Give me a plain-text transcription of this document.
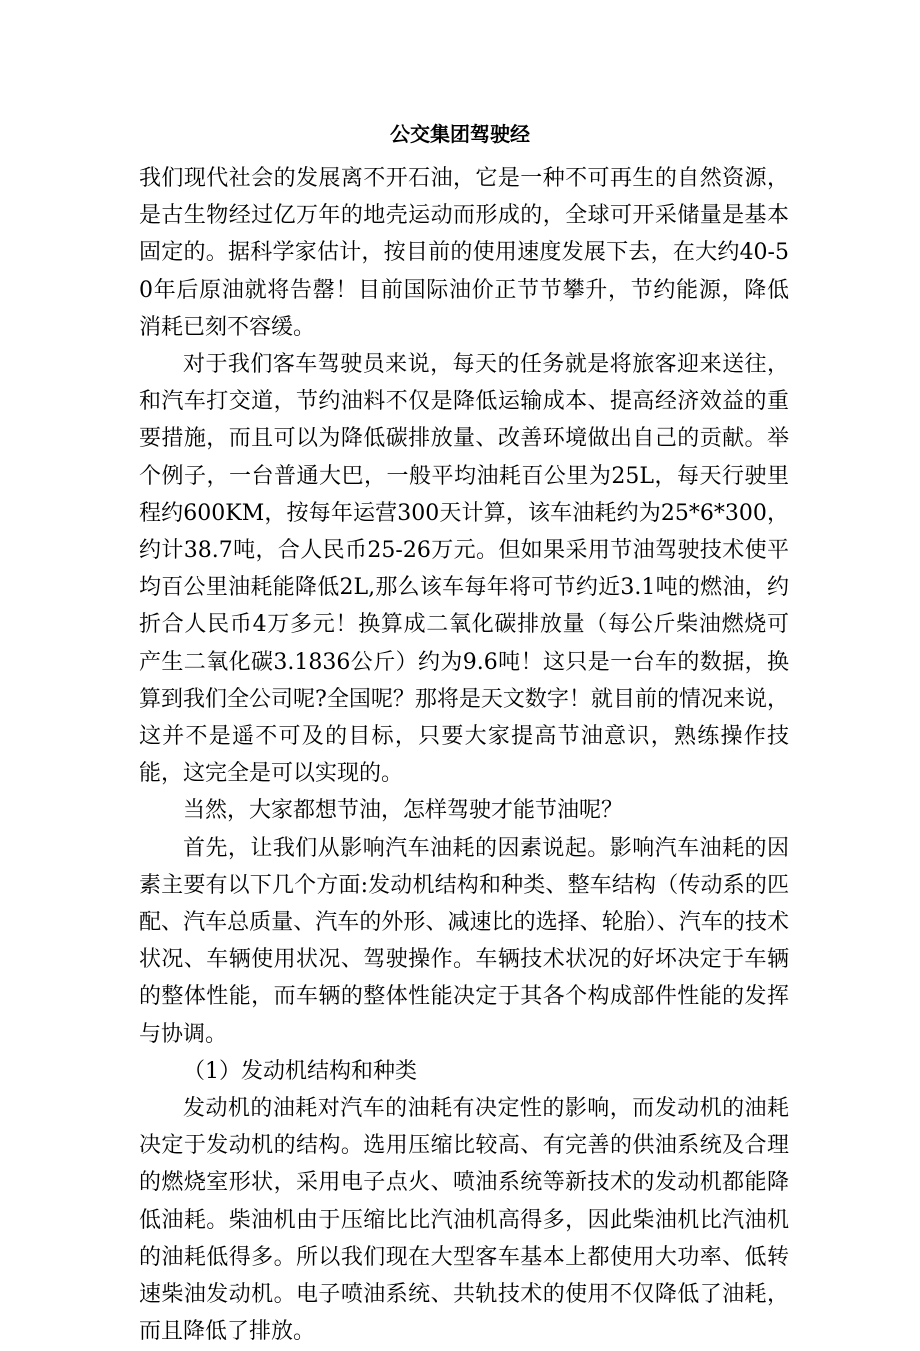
公交集团驾驶经

我们现代社会的发展离不开石油，它是一种不可再生的自然资源，是古生物经过亿万年的地壳运动而形成的，全球可开采储量是基本固定的。据科学家估计，按目前的使用速度发展下去，在大约40-50年后原油就将告罄！目前国际油价正节节攀升，节约能源，降低消耗已刻不容缓。

对于我们客车驾驶员来说，每天的任务就是将旅客迎来送往，和汽车打交道，节约油料不仅是降低运输成本、提高经济效益的重要措施，而且可以为降低碳排放量、改善环境做出自己的贡献。举个例子，一台普通大巴，一般平均油耗百公里为25L，每天行驶里程约600KM，按每年运营300天计算，该车油耗约为25*6*300，约计38.7吨，合人民币25-26万元。但如果采用节油驾驶技术使平均百公里油耗能降低2L,那么该车每年将可节约近3.1吨的燃油，约折合人民币4万多元！换算成二氧化碳排放量（每公斤柴油燃烧可产生二氧化碳3.1836公斤）约为9.6吨！这只是一台车的数据，换算到我们全公司呢?全国呢？那将是天文数字！就目前的情况来说，这并不是遥不可及的目标，只要大家提高节油意识，熟练操作技能，这完全是可以实现的。

当然，大家都想节油，怎样驾驶才能节油呢？

首先，让我们从影响汽车油耗的因素说起。影响汽车油耗的因素主要有以下几个方面:发动机结构和种类、整车结构（传动系的匹配、汽车总质量、汽车的外形、减速比的选择、轮胎）、汽车的技术状况、车辆使用状况、驾驶操作。车辆技术状况的好坏决定于车辆的整体性能，而车辆的整体性能决定于其各个构成部件性能的发挥与协调。

（1）发动机结构和种类

发动机的油耗对汽车的油耗有决定性的影响，而发动机的油耗决定于发动机的结构。选用压缩比较高、有完善的供油系统及合理的燃烧室形状，采用电子点火、喷油系统等新技术的发动机都能降低油耗。柴油机由于压缩比比汽油机高得多，因此柴油机比汽油机的油耗低得多。所以我们现在大型客车基本上都使用大功率、低转速柴油发动机。电子喷油系统、共轨技术的使用不仅降低了油耗，而且降低了排放。
